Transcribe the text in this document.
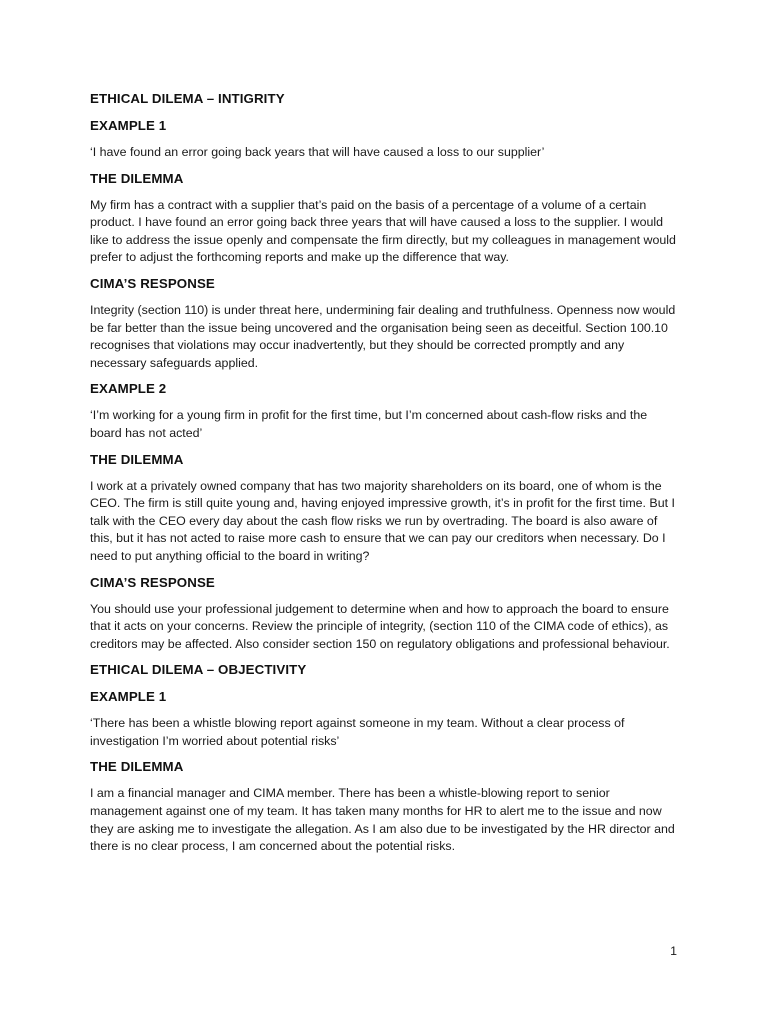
ETHICAL DILEMA – INTIGRITY
EXAMPLE 1

‘I have found an error going back years that will have caused a loss to our supplier’

THE DILEMMA

My firm has a contract with a supplier that’s paid on the basis of a percentage of a volume of a certain product. I have found an error going back three years that will have caused a loss to the supplier. I would like to address the issue openly and compensate the firm directly, but my colleagues in management would prefer to adjust the forthcoming reports and make up the difference that way.

CIMA’S RESPONSE

Integrity (section 110) is under threat here, undermining fair dealing and truthfulness. Openness now would be far better than the issue being uncovered and the organisation being seen as deceitful. Section 100.10 recognises that violations may occur inadvertently, but they should be corrected promptly and any necessary safeguards applied.

EXAMPLE 2

‘I’m working for a young firm in profit for the first time, but I’m concerned about cash-flow risks and the board has not acted’

THE DILEMMA

I work at a privately owned company that has two majority shareholders on its board, one of whom is the CEO. The firm is still quite young and, having enjoyed impressive growth, it’s in profit for the first time. But I talk with the CEO every day about the cash flow risks we run by overtrading. The board is also aware of this, but it has not acted to raise more cash to ensure that we can pay our creditors when necessary. Do I need to put anything official to the board in writing?

CIMA’S RESPONSE

You should use your professional judgement to determine when and how to approach the board to ensure that it acts on your concerns. Review the principle of integrity, (section 110 of the CIMA code of ethics), as creditors may be affected. Also consider section 150 on regulatory obligations and professional behaviour.

ETHICAL DILEMA – OBJECTIVITY
EXAMPLE 1

‘There has been a whistle blowing report against someone in my team. Without a clear process of investigation I’m worried about potential risks’

THE DILEMMA

I am a financial manager and CIMA member. There has been a whistle-blowing report to senior management against one of my team. It has taken many months for HR to alert me to the issue and now they are asking me to investigate the allegation. As I am also due to be investigated by the HR director and there is no clear process, I am concerned about the potential risks.

1
